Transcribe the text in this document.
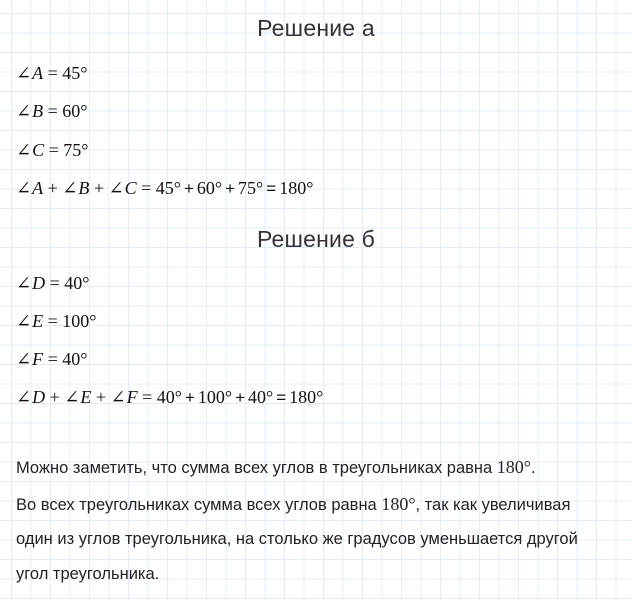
Решение а
∠A = 45°
∠B = 60°
∠C = 75°
∠A + ∠B + ∠C = 45° + 60° + 75° = 180°
Решение б
∠D = 40°
∠E = 100°
∠F = 40°
∠D + ∠E + ∠F = 40° + 100° + 40° = 180°
Можно заметить, что сумма всех углов в треугольниках равна 180°.
Во всех треугольниках сумма всех углов равна 180°, так как увеличивая
один из углов треугольника, на столько же градусов уменьшается другой
угол треугольника.
